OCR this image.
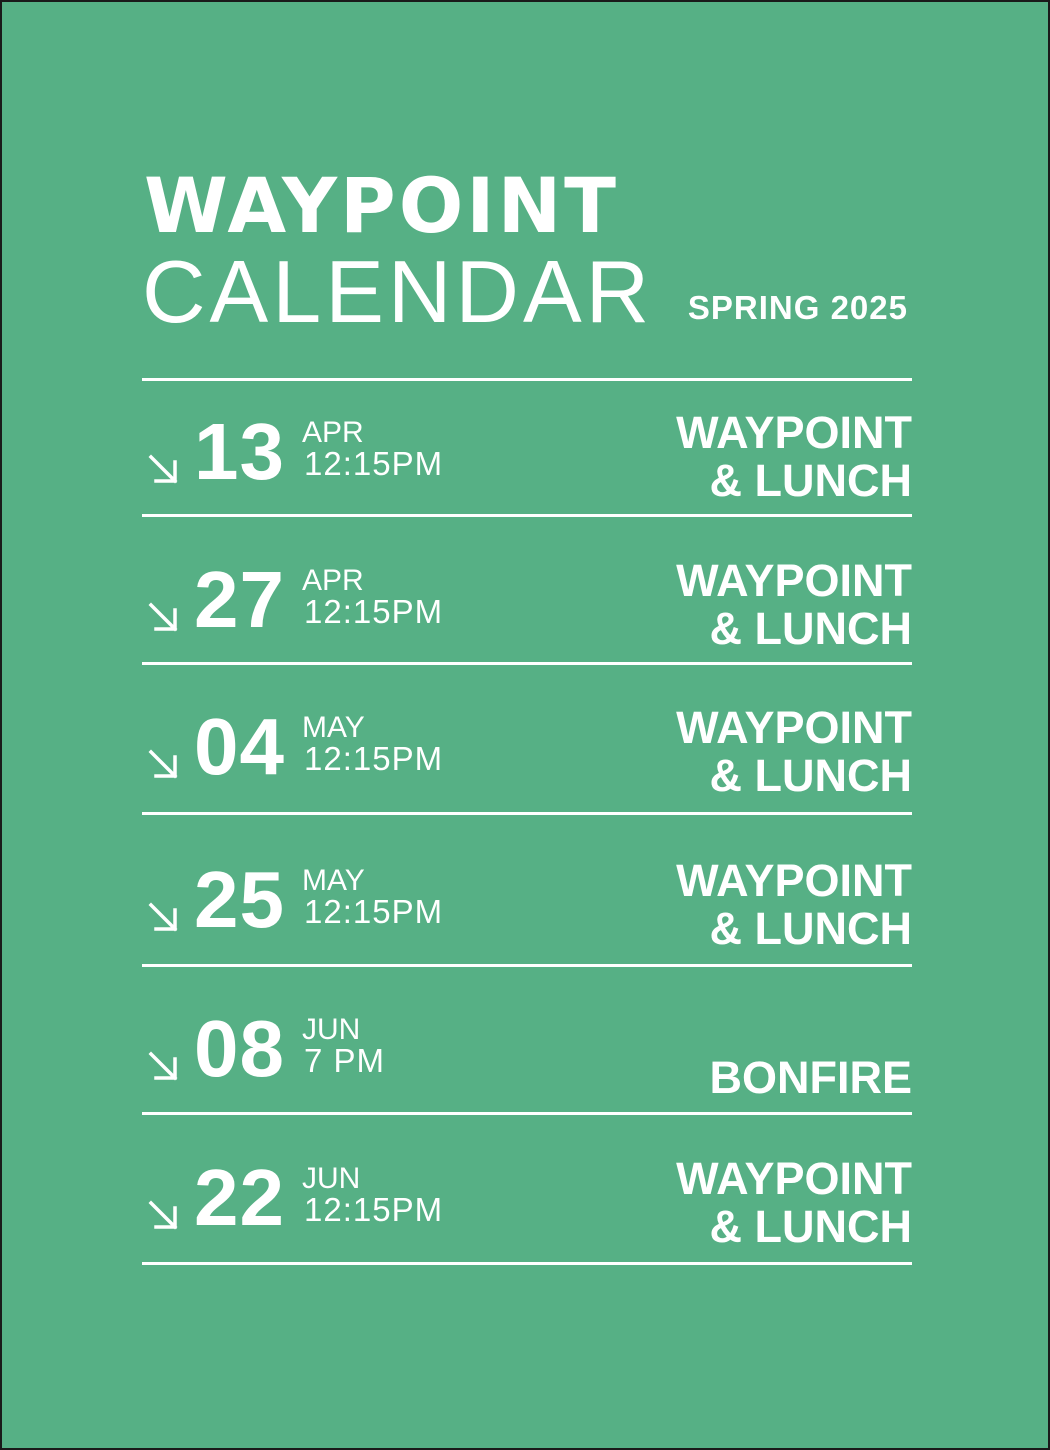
WAYPOINT
CALENDAR SPRING 2025
13 APR
12:15PM
WAYPOINT
& LUNCH
27 APR
12:15PM
WAYPOINT
& LUNCH
04 MAY
12:15PM
WAYPOINT
& LUNCH
25 MAY
12:15PM
WAYPOINT
& LUNCH
08 JUN
7 PM	BONFIRE
22 JUN
12:15PM
WAYPOINT
& LUNCH
